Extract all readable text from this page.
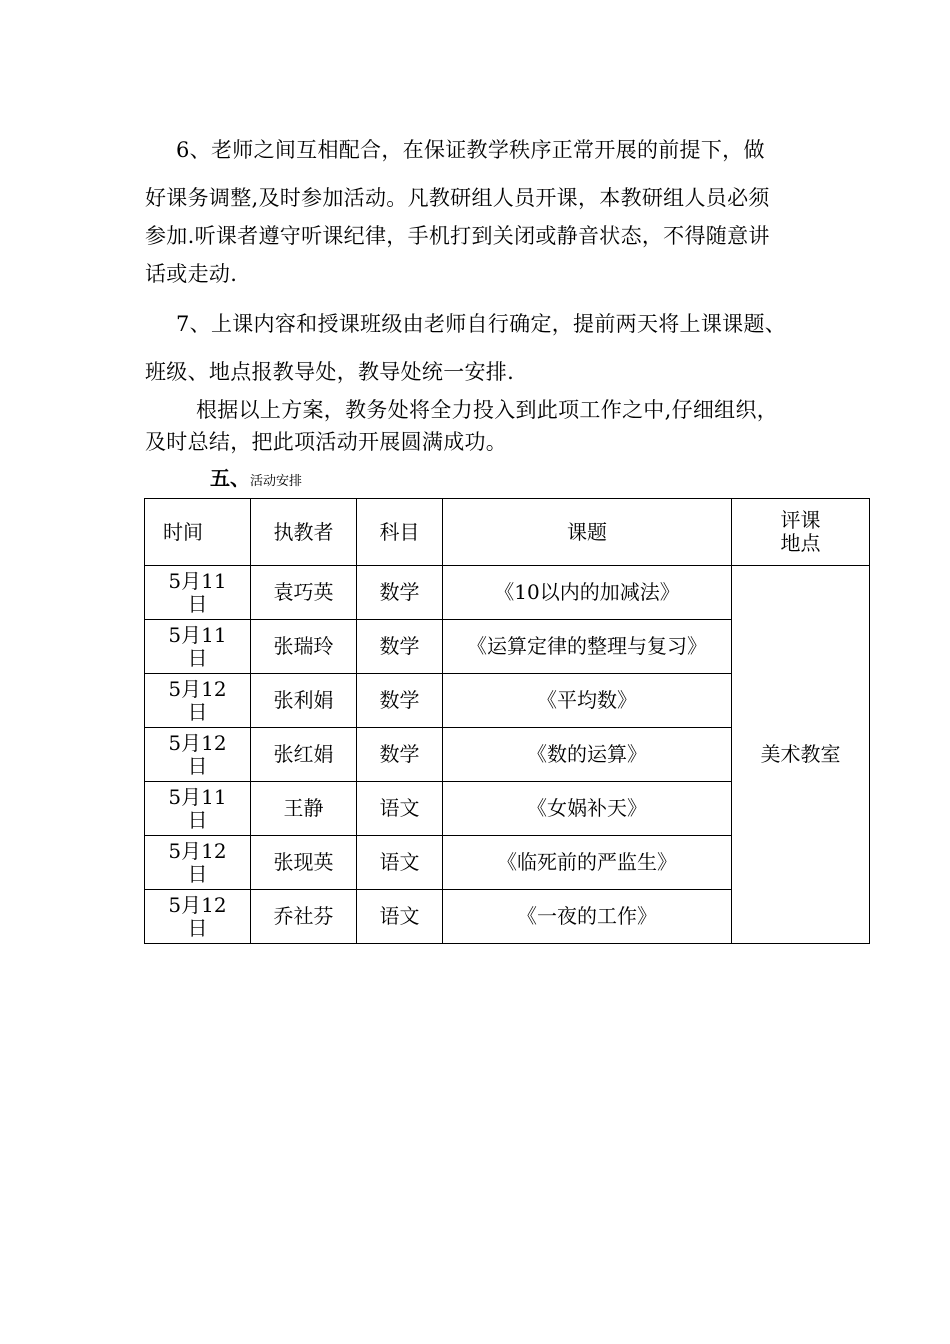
6、老师之间互相配合，在保证教学秩序正常开展的前提下，做
好课务调整,及时参加活动。凡教研组人员开课，本教研组人员必须
参加.听课者遵守听课纪律，手机打到关闭或静音状态，不得随意讲
话或走动.
7、上课内容和授课班级由老师自行确定，提前两天将上课课题、
班级、地点报教导处，教导处统一安排.
根据以上方案，教务处将全力投入到此项工作之中,仔细组织，
及时总结，把此项活动开展圆满成功。
五、活动安排
时间	执教者	科目	课题	评课
地点

5月11
日	袁巧英	数学	《10以内的加减法》	美术教室

5月11
日	张瑞玲	数学	《运算定律的整理与复习》	

5月12
日	张利娟	数学	《平均数》	

5月12
日	张红娟	数学	《数的运算》	

5月11
日	王静	语文	《女娲补天》	

5月12
日	张现英	语文	《临死前的严监生》	

5月12
日	乔社芬	语文	《一夜的工作》	
